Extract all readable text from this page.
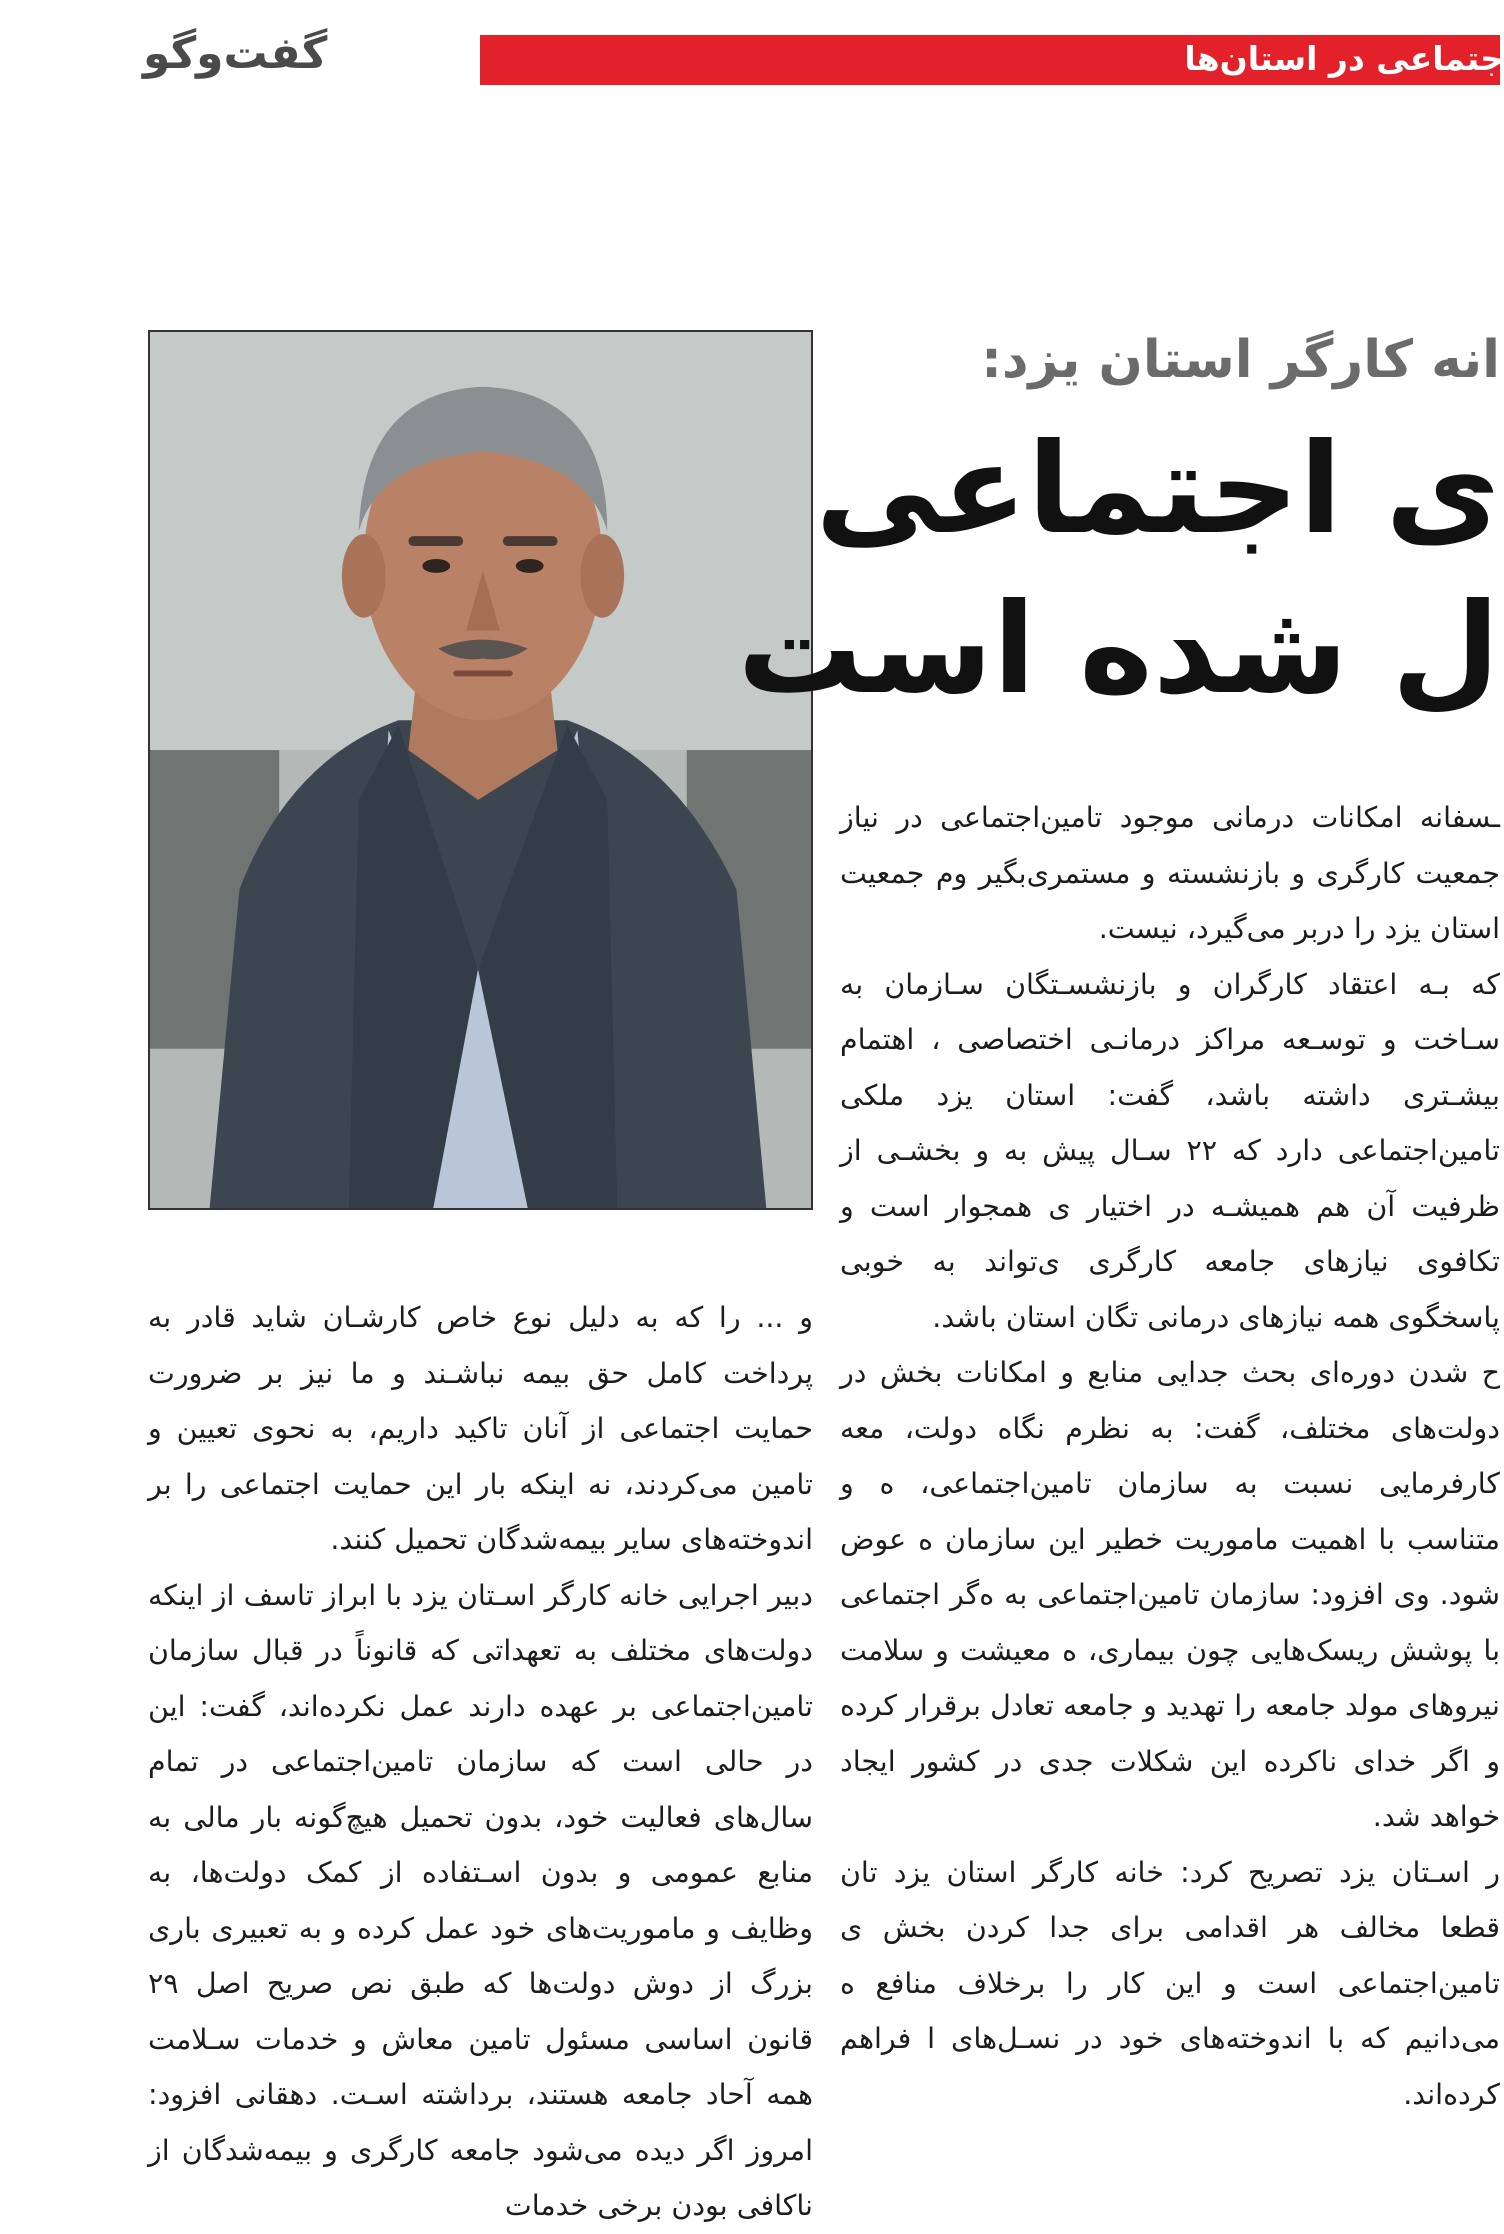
گفت‌وگو	جتماعی در استان‌ها
انه کارگر استان یزد:
ی اجتماعی
ل شده است

ـسفانه امکانات درمانی موجود تامین‌اجتماعی در نیاز جمعیت کارگری و بازنشسته و مستمری‌بگیر وم جمعیت استان یزد را دربر می‌گیرد، نیست.

که بـه اعتقاد کارگران و بازنشسـتگان سـازمان به سـاخت و توسـعه مراکز درمانـی اختصاصی ، اهتمام بیشـتری داشته باشد، گفت: استان یزد ملکی تامین‌اجتماعی دارد که ۲۲ سـال پیش به و بخشـی از ظرفیت آن هم همیشـه در اختیار ی همجوار است و تکافوی نیازهای جامعه کارگری ی‌تواند به خوبی پاسخگوی همه نیازهای درمانی تگان استان باشد.

ح شدن دوره‌ای بحث جدایی منابع و امکانات بخش در دولت‌های مختلف، گفت: به نظرم نگاه دولت، معه کارفرمایی نسبت به سازمان تامین‌اجتماعی، ه و متناسب با اهمیت ماموریت خطیر این سازمان ه عوض شود. وی افزود: سازمان تامین‌اجتماعی به ه‌گر اجتماعی با پوشش ریسک‌هایی چون بیماری، ه معیشت و سلامت نیروهای مولد جامعه را تهدید و جامعه تعادل برقرار کرده و اگر خدای ناکرده این شکلات جدی در کشور ایجاد خواهد شد.

ر اسـتان یزد تصریح کرد: خانه کارگر استان یزد تان قطعا مخالف هر اقدامی برای جدا کردن بخش ی تامین‌اجتماعی است و این کار را برخلاف منافع ه می‌دانیم که با اندوخته‌های خود در نسـل‌های ا فراهم کرده‌اند.

و ... را که به دلیل نوع خاص کارشـان شاید قادر به پرداخت کامل حق بیمه نباشـند و ما نیز بر ضرورت حمایت اجتماعی از آنان تاکید داریم، به نحوی تعیین و تامین می‌کردند، نه اینکه بار این حمایت اجتماعی را بر اندوخته‌های سایر بیمه‌شدگان تحمیل کنند.

دبیر اجرایی خانه کارگر اسـتان یزد با ابراز تاسف از اینکه دولت‌های مختلف به تعهداتی که قانوناً در قبال سازمان تامین‌اجتماعی بر عهده دارند عمل نکرده‌اند، گفت: این در حالی است که سازمان تامین‌اجتماعی در تمام سال‌های فعالیت خود، بدون تحمیل هیچ‌گونه بار مالی به منابع عمومی و بدون اسـتفاده از کمک دولت‌ها، به وظایف و ماموریت‌های خود عمل کرده و به تعبیری باری بزرگ از دوش دولت‌ها که طبق نص صریح اصل ۲۹ قانون اساسی مسئول تامین معاش و خدمات سـلامت همه آحاد جامعه هستند، برداشته اسـت. دهقانی افزود: امروز اگر دیده می‌شود جامعه کارگری و بیمه‌شدگان از ناکافی بودن برخی خدمات
